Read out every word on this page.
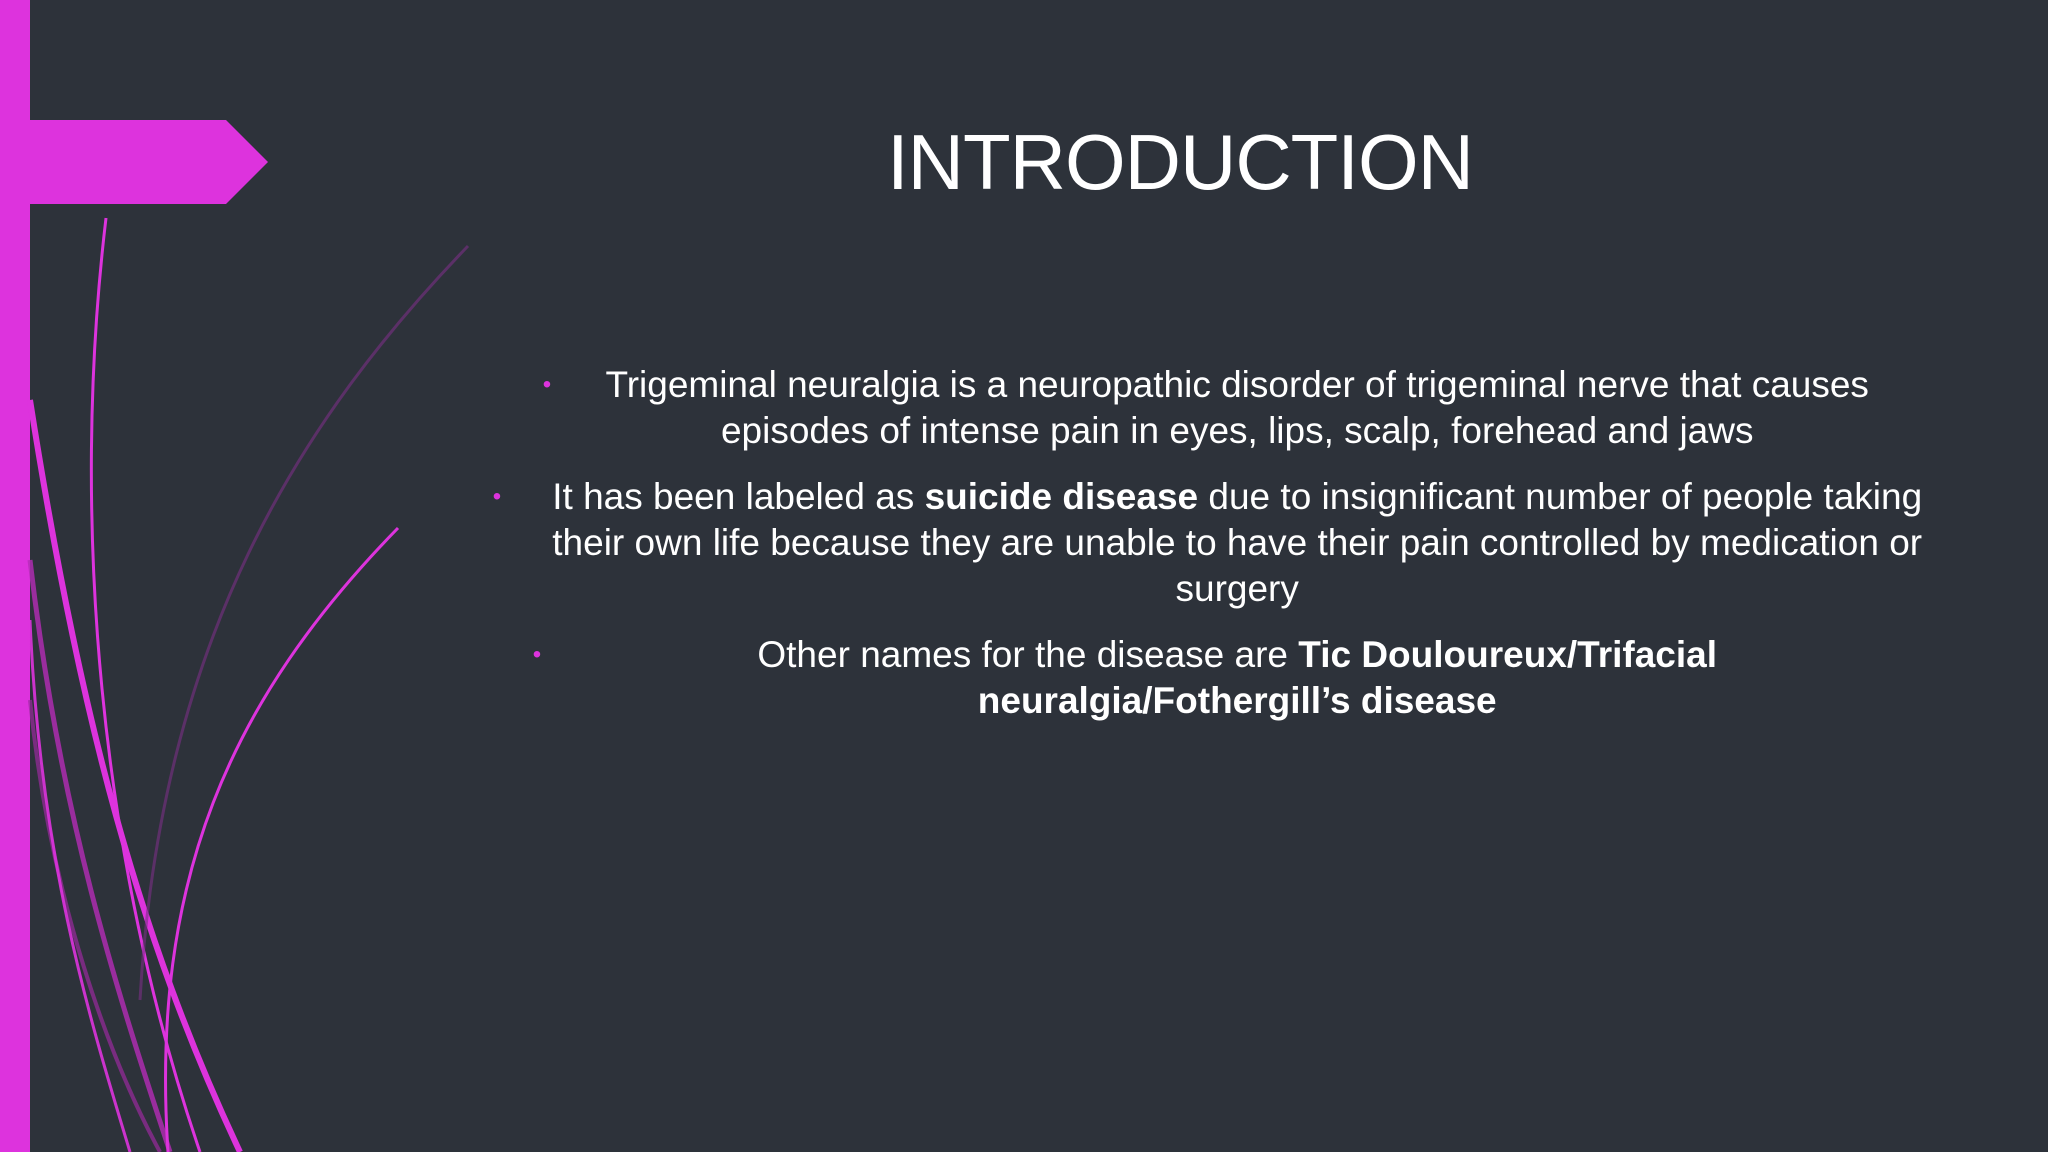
INTRODUCTION
•	Trigeminal neuralgia is a neuropathic disorder of trigeminal nerve that causes episodes of intense pain in eyes, lips, scalp, forehead and jaws
•	It has been labeled as suicide disease due to insignificant number of people taking their own life because they are unable to have their pain controlled by medication or surgery
•	Other names for the disease are Tic Douloureux/Trifacial neuralgia/Fothergill’s disease
